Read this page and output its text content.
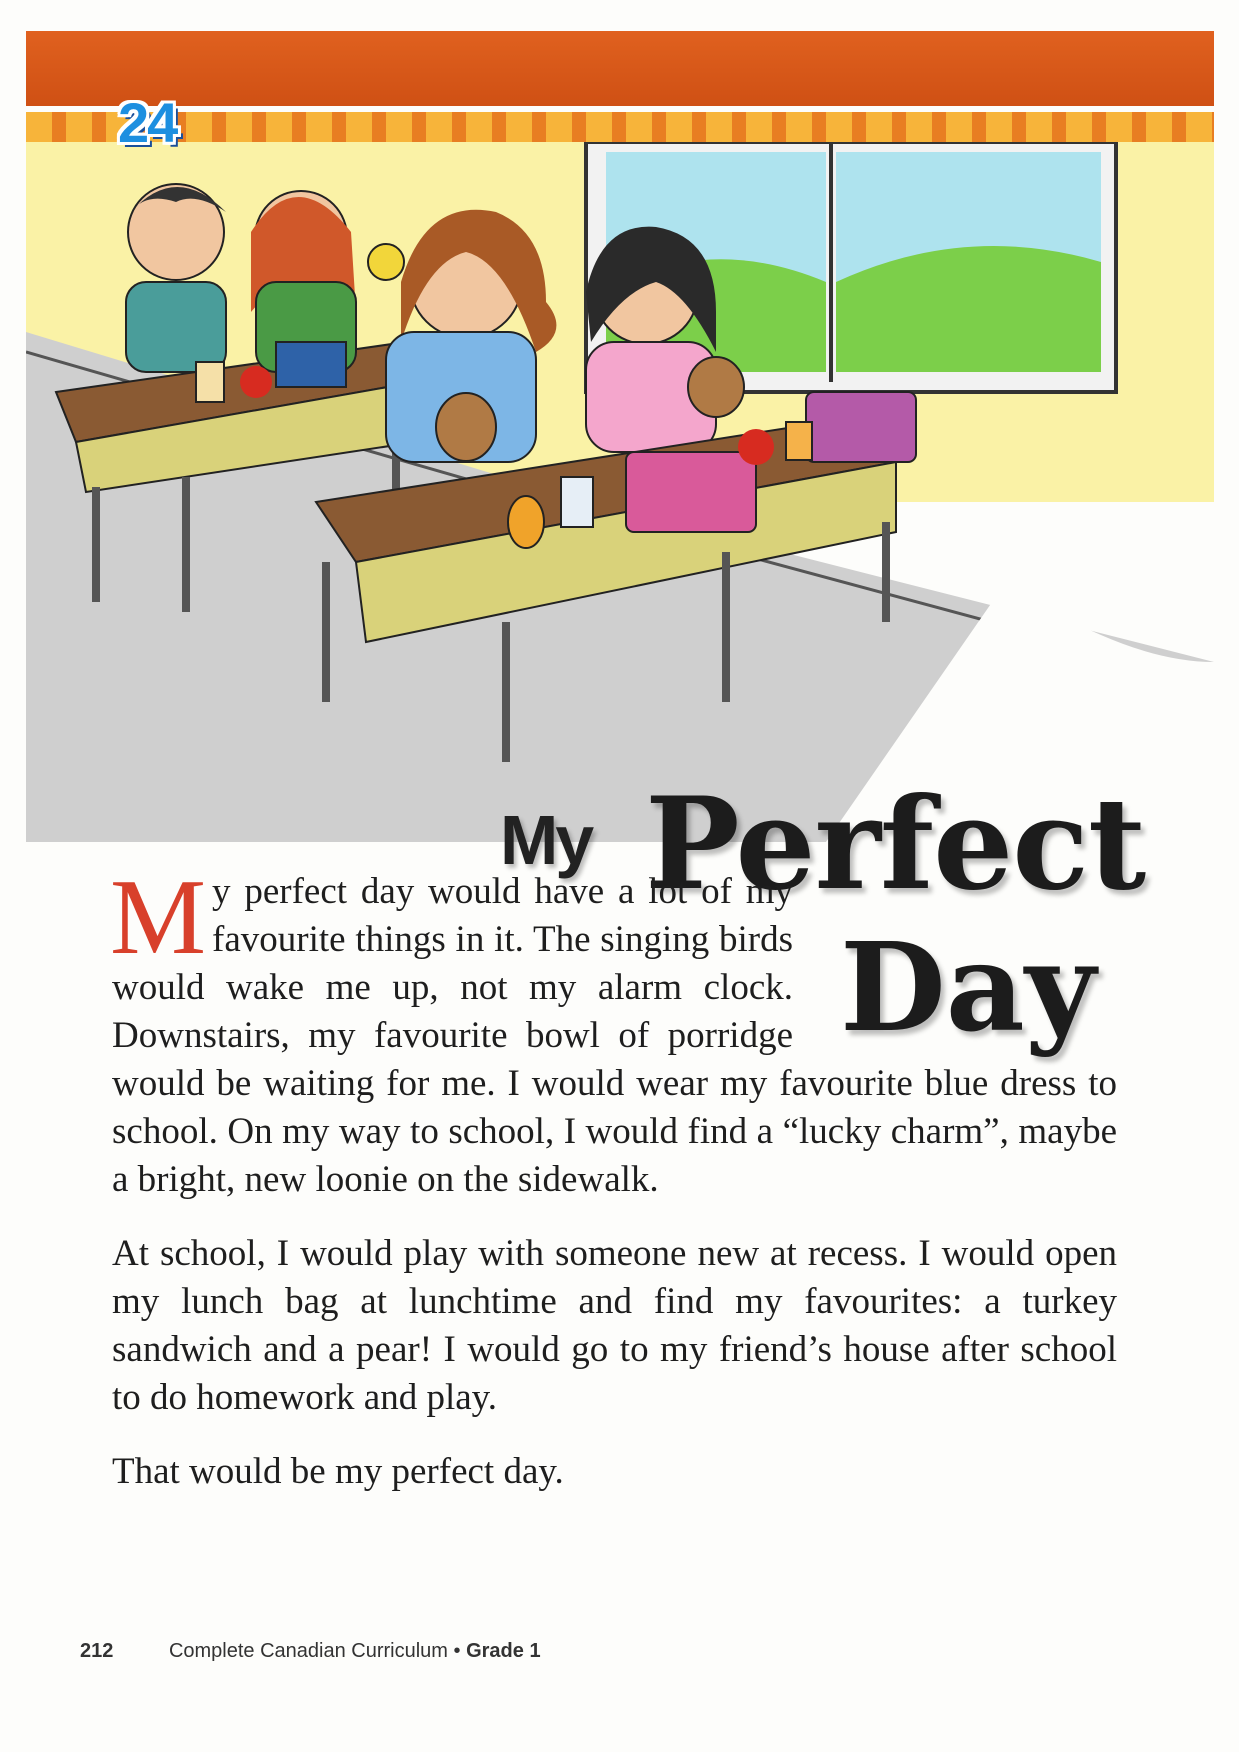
24
My Perfect
Day

My perfect day would have a lot of my favourite things in it. The singing birds would wake me up, not my alarm clock. Downstairs, my favourite bowl of porridge would be waiting for me. I would wear my favourite blue dress to school. On my way to school, I would find a “lucky charm”, maybe a bright, new loonie on the sidewalk.

At school, I would play with someone new at recess. I would open my lunch bag at lunchtime and find my favourites: a turkey sandwich and a pear! I would go to my friend’s house after school to do homework and play.

That would be my perfect day.

212	Complete Canadian Curriculum • Grade 1
